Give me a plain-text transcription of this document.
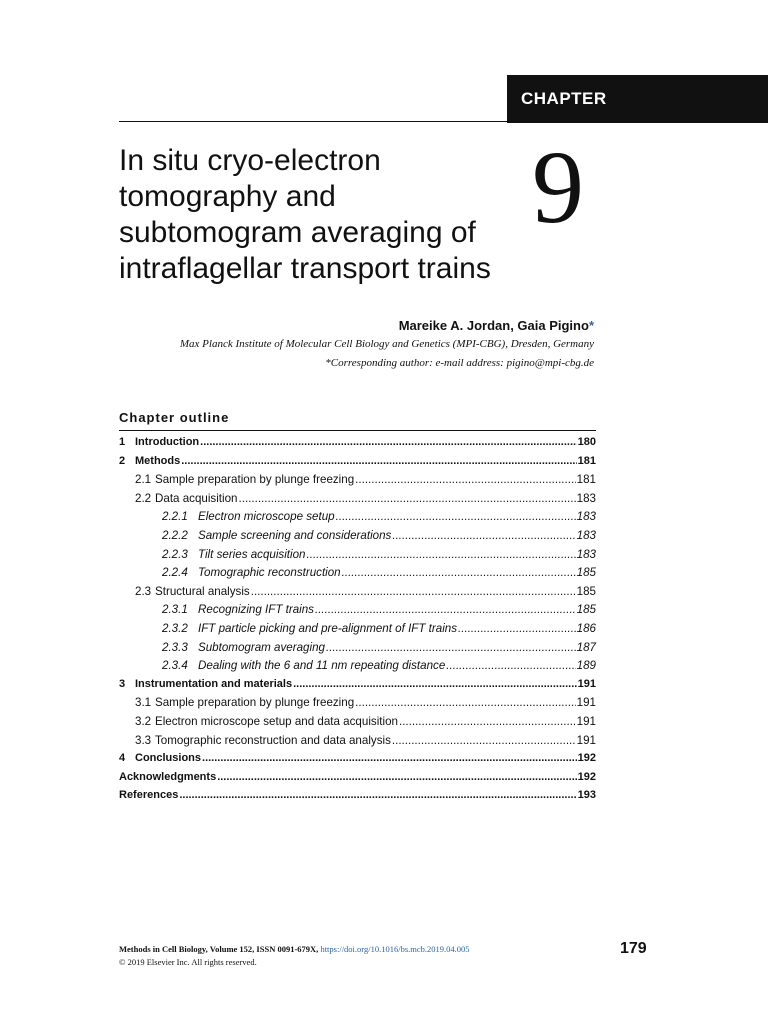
CHAPTER
In situ cryo-electron
tomography and
subtomogram averaging of
intraflagellar transport trains
9
Mareike A. Jordan, Gaia Pigino*
Max Planck Institute of Molecular Cell Biology and Genetics (MPI-CBG), Dresden, Germany
*Corresponding author: e-mail address: pigino@mpi-cbg.de
Chapter outline
1 Introduction .....	180
2 Methods .....	181
2.1 Sample preparation by plunge freezing .....	181
2.2 Data acquisition .....	183
2.2.1 Electron microscope setup .....	183
2.2.2 Sample screening and considerations .....	183
2.2.3 Tilt series acquisition .....	183
2.2.4 Tomographic reconstruction .....	185
2.3 Structural analysis .....	185
2.3.1 Recognizing IFT trains .....	185
2.3.2 IFT particle picking and pre-alignment of IFT trains .....	186
2.3.3 Subtomogram averaging .....	187
2.3.4 Dealing with the 6 and 11 nm repeating distance .....	189
3 Instrumentation and materials .....	191
3.1 Sample preparation by plunge freezing .....	191
3.2 Electron microscope setup and data acquisition .....	191
3.3 Tomographic reconstruction and data analysis .....	191
4 Conclusions .....	192
Acknowledgments .....	192
References .....	193
Methods in Cell Biology, Volume 152, ISSN 0091-679X, https://doi.org/10.1016/bs.mcb.2019.04.005
© 2019 Elsevier Inc. All rights reserved.
179
